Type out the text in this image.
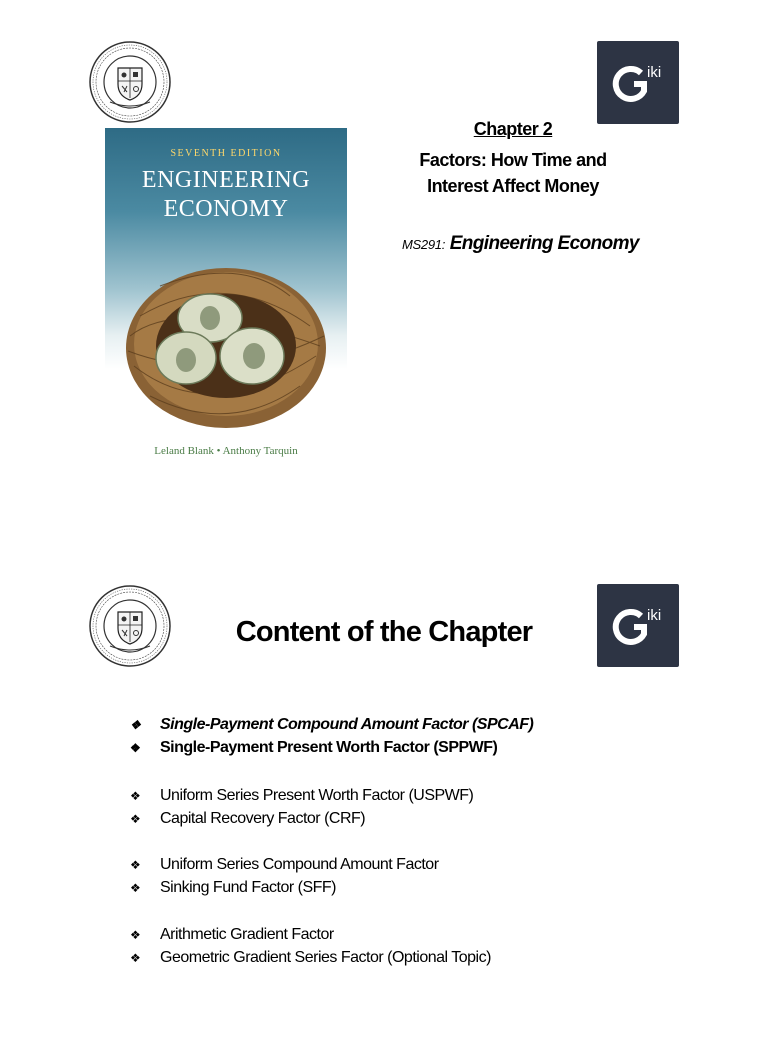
iki
SEVENTH EDITION
ENGINEERING
ECONOMY
Leland Blank • Anthony Tarquin
Chapter 2
Factors: How Time and
Interest Affect Money
MS291: Engineering Economy
iki
Content of the Chapter
❖ Single-Payment Compound Amount Factor (SPCAF)
❖ Single-Payment Present Worth Factor (SPPWF)
❖ Uniform Series Present Worth Factor (USPWF)
❖ Capital Recovery Factor (CRF)
❖ Uniform Series Compound Amount Factor
❖ Sinking Fund Factor (SFF)
❖ Arithmetic Gradient Factor
❖ Geometric Gradient Series Factor (Optional Topic)
